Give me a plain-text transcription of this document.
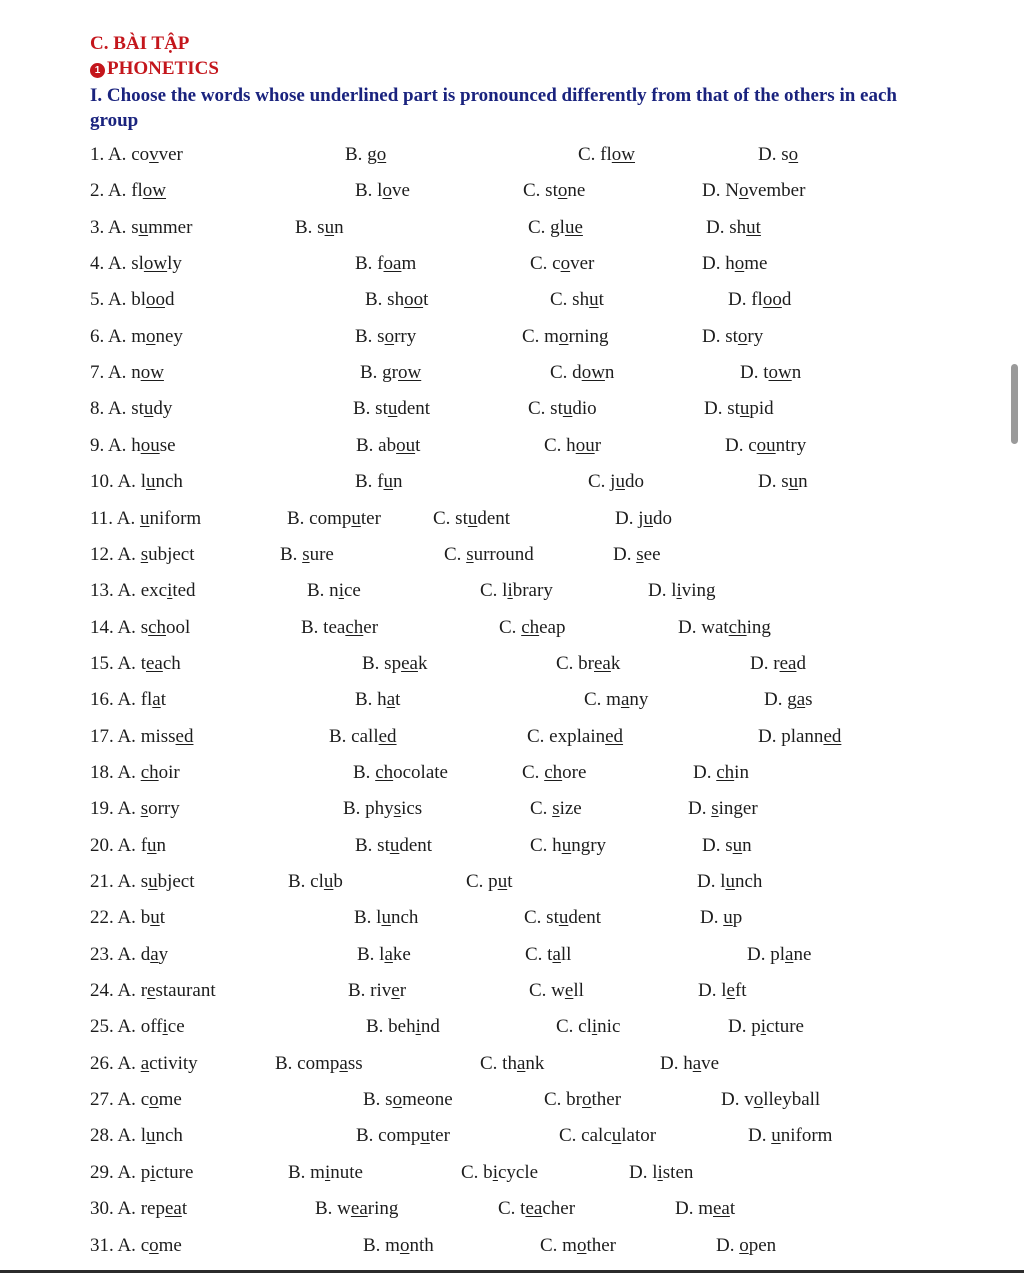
C. BÀI TẬP
1 PHONETICS
I. Choose the words whose underlined part is pronounced differently from that of the others in each group
1. A. covver	B. go	C. flow	D. so
2. A. flow	B. love	C. stone	D. November
3. A. summer	B. sun	C. glue	D. shut
4. A. slowly	B. foam	C. cover	D. home
5. A. blood	B. shoot	C. shut	D. flood
6. A. money	B. sorry	C. morning	D. story
7. A. now	B. grow	C. down	D. town
8. A. study	B. student	C. studio	D. stupid
9. A. house	B. about	C. hour	D. country
10. A. lunch	B. fun	C. judo	D. sun
11. A. uniform	B. computer	C. student	D. judo
12. A. subject	B. sure	C. surround	D. see
13. A. excited	B. nice	C. library	D. living
14. A. school	B. teacher	C. cheap	D. watching
15. A. teach	B. speak	C. break	D. read
16. A. flat	B. hat	C. many	D. gas
17. A. missed	B. called	C. explained	D. planned
18. A. choir	B. chocolate	C. chore	D. chin
19. A. sorry	B. physics	C. size	D. singer
20. A. fun	B. student	C. hungry	D. sun
21. A. subject	B. club	C. put	D. lunch
22. A. but	B. lunch	C. student	D. up
23. A. day	B. lake	C. tall	D. plane
24. A. restaurant	B. river	C. well	D. left
25. A. office	B. behind	C. clinic	D. picture
26. A. activity	B. compass	C. thank	D. have
27. A. come	B. someone	C. brother	D. volleyball
28. A. lunch	B. computer	C. calculator	D. uniform
29. A. picture	B. minute	C. bicycle	D. listen
30. A. repeat	B. wearing	C. teacher	D. meat
31. A. come	B. month	C. mother	D. open
